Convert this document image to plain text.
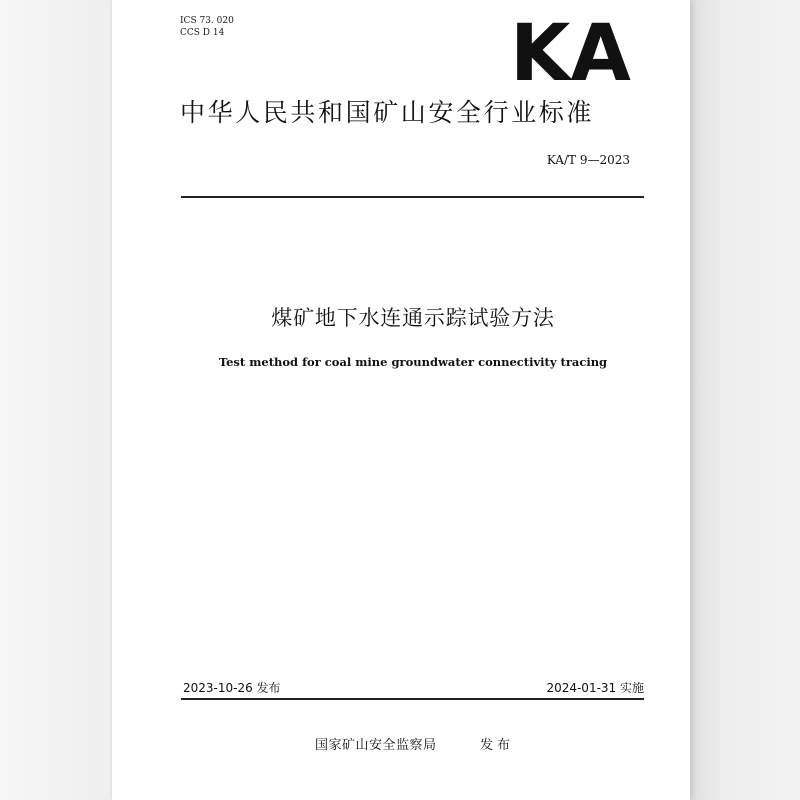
ICS 73. 020
CCS D 14	KA
中华人民共和国矿山安全行业标准
KA/T 9—2023
煤矿地下水连通示踪试验方法
Test method for coal mine groundwater connectivity tracing
2023-10-26 发布	2024-01-31 实施
国家矿山安全监察局	发布
